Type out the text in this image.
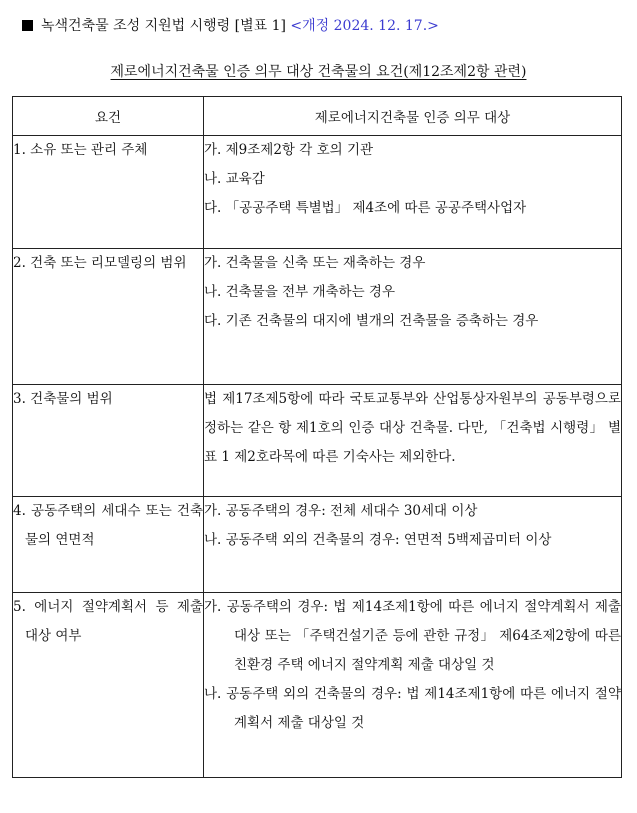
녹색건축물 조성 지원법 시행령 [별표 1] <개정 2024. 12. 17.>
제로에너지건축물 인증 의무 대상 건축물의 요건(제12조제2항 관련)
요건	제로에너지건축물 인증 의무 대상

1. 소유 또는 관리 주체	가. 제9조제2항 각 호의 기관
나. 교육감
다. 「공공주택 특별법」 제4조에 따른 공공주택사업자

2. 건축 또는 리모델링의 범위	가. 건축물을 신축 또는 재축하는 경우
나. 건축물을 전부 개축하는 경우
다. 기존 건축물의 대지에 별개의 건축물을 증축하는 경우

3. 건축물의 범위	법 제17조제5항에 따라 국토교통부와 산업통상자원부의 공동부령으로 정하는 같은 항 제1호의 인증 대상 건축물. 다만, 「건축법 시행령」 별표 1 제2호라목에 따른 기숙사는 제외한다.

4. 공동주택의 세대수 또는 건축물의 연면적	가. 공동주택의 경우: 전체 세대수 30세대 이상
나. 공동주택 외의 건축물의 경우: 연면적 5백제곱미터 이상

5. 에너지 절약계획서 등 제출 대상 여부	가. 공동주택의 경우: 법 제14조제1항에 따른 에너지 절약계획서 제출 대상 또는 「주택건설기준 등에 관한 규정」 제64조제2항에 따른 친환경 주택 에너지 절약계획 제출 대상일 것
나. 공동주택 외의 건축물의 경우: 법 제14조제1항에 따른 에너지 절약계획서 제출 대상일 것
